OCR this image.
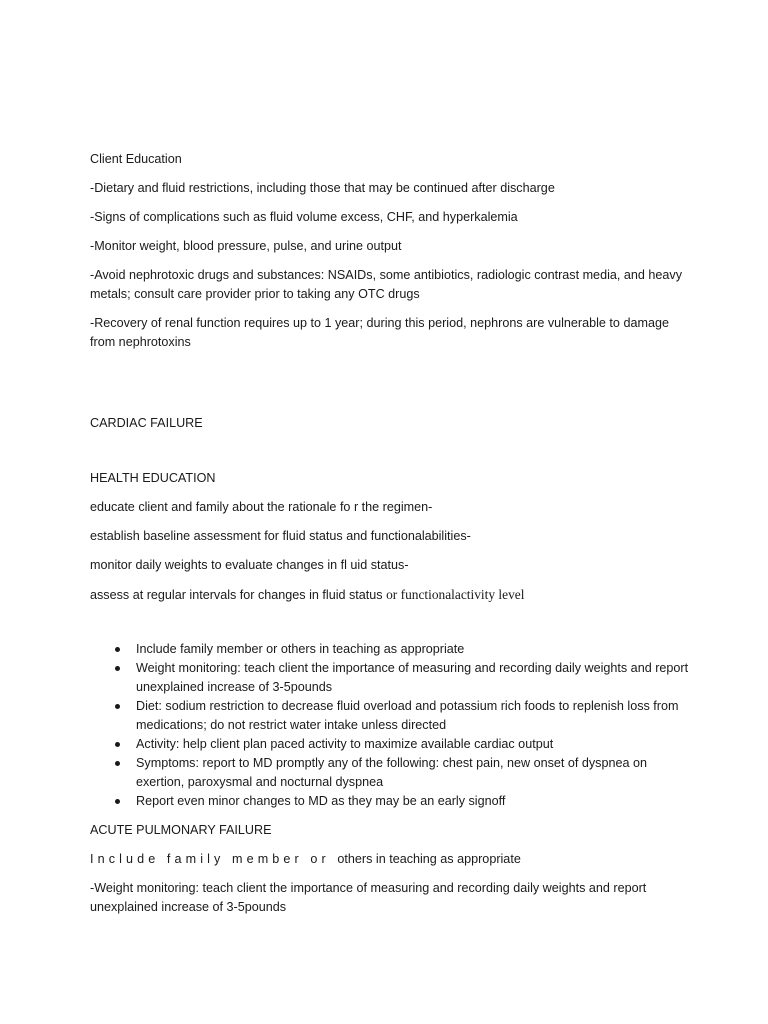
Client Education

-Dietary and fluid restrictions, including those that may be continued after discharge

-Signs of complications such as fluid volume excess, CHF, and hyperkalemia

-Monitor weight, blood pressure, pulse, and urine output

-Avoid nephrotoxic drugs and substances: NSAIDs, some antibiotics, radiologic contrast media, and heavy metals; consult care provider prior to taking any OTC drugs

-Recovery of renal function requires up to 1 year; during this period, nephrons are vulnerable to damage from nephrotoxins

CARDIAC FAILURE

HEALTH EDUCATION

educate client and family about the rationale fo r the regimen-

establish baseline assessment for fluid status and functionalabilities-

monitor daily weights to evaluate changes in fl uid status-

assess at regular intervals for changes in fluid status or functionalactivity level

Include family member or others in teaching as appropriate
Weight monitoring: teach client the importance of measuring and recording daily weights and report unexplained increase of 3-5pounds
Diet: sodium restriction to decrease fluid overload and potassium rich foods to replenish loss from medications; do not restrict water intake unless directed
Activity: help client plan paced activity to maximize available cardiac output
Symptoms: report to MD promptly any of the following: chest pain, new onset of dyspnea on exertion, paroxysmal and nocturnal dyspnea
Report even minor changes to MD as they may be an early signoff

ACUTE PULMONARY FAILURE

Include family member or others in teaching as appropriate

-Weight monitoring: teach client the importance of measuring and recording daily weights and report unexplained increase of 3-5pounds
